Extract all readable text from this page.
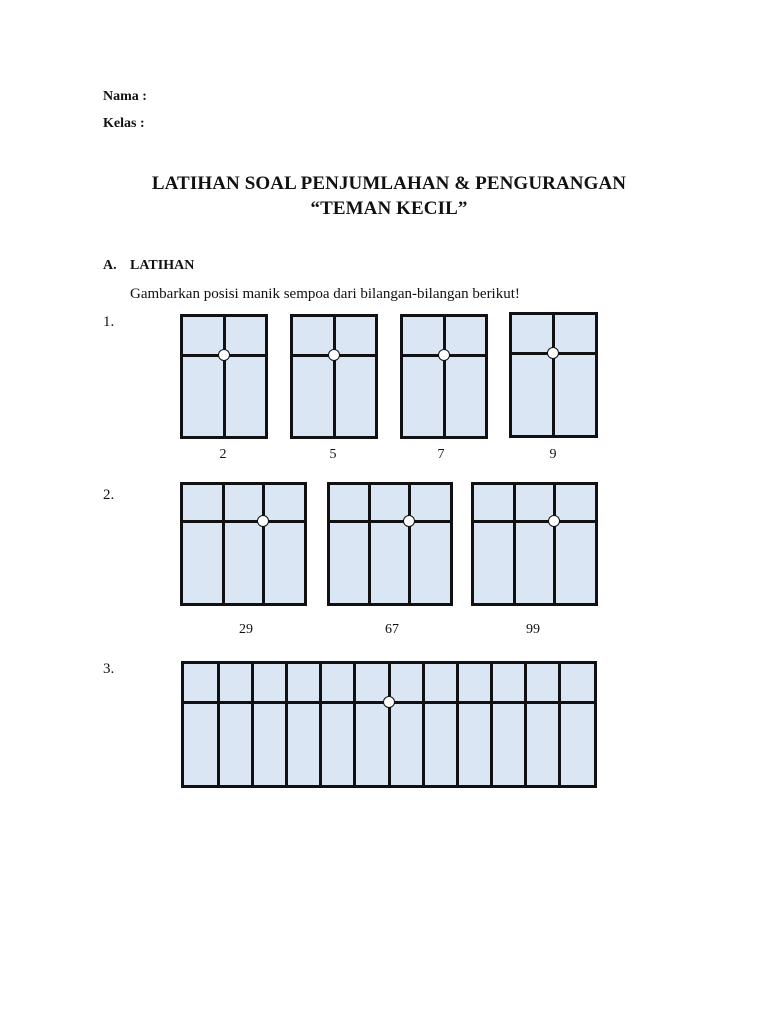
Nama :
Kelas :
LATIHAN SOAL PENJUMLAHAN & PENGURANGAN
“TEMAN KECIL”
A. LATIHAN
Gambarkan posisi manik sempoa dari bilangan-bilangan berikut!
1.
2	5	7	9
2.
29	67	99
3.
